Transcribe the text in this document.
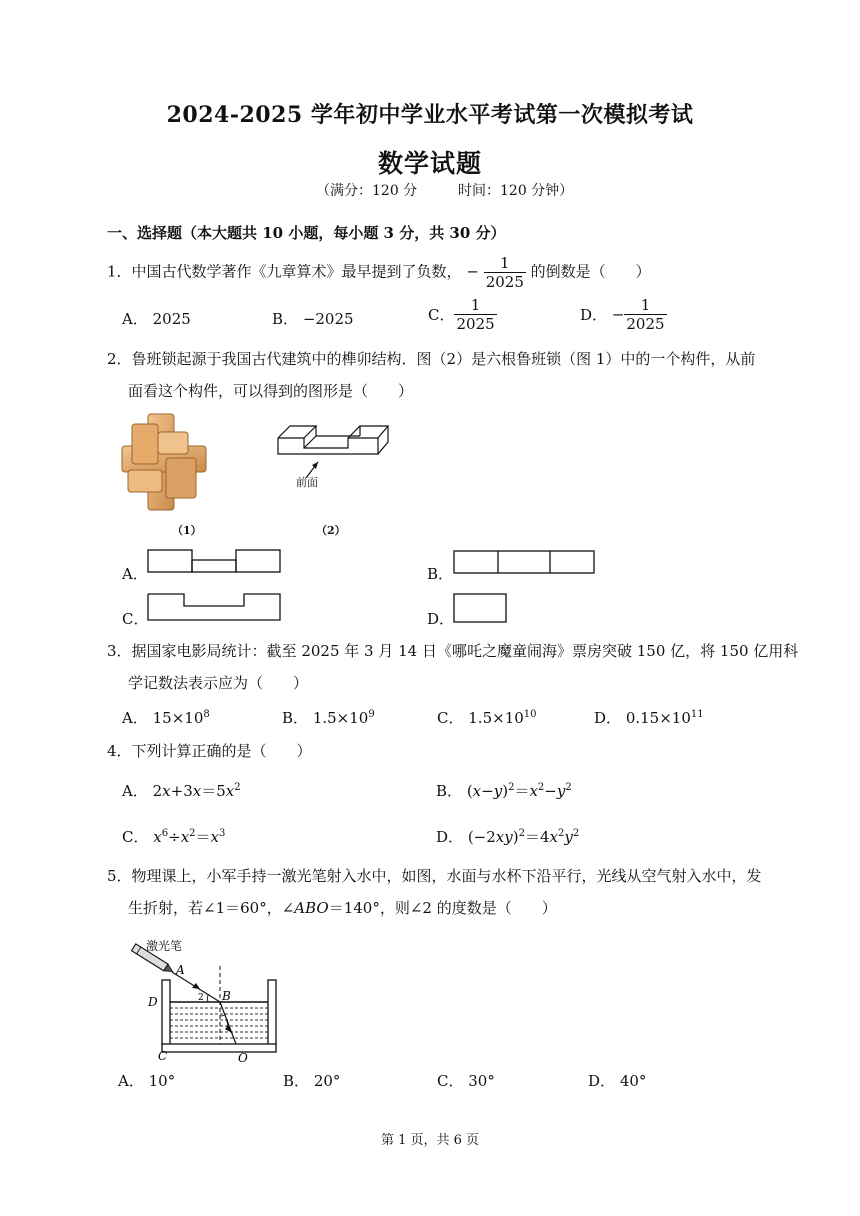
2024-2025 学年初中学业水平考试第一次模拟考试
数学试题
（满分：120 分	时间：120 分钟）
一、选择题（本大题共 10 小题，每小题 3 分，共 30 分）
1．中国古代数学著作《九章算术》最早提到了负数， − $\frac{1}{2025}$ 的倒数是（　　）
A． 2025	B． −2025	C． $\frac{1}{2025}$	D． − $\frac{1}{2025}$
2．鲁班锁起源于我国古代建筑中的榫卯结构．图（2）是六根鲁班锁（图 1）中的一个构件，从前
面看这个构件，可以得到的图形是（　　）
（1）
前面
（2）
A．	B．
C．	D．
3．据国家电影局统计：截至 2025 年 3 月 14 日《哪吒之魔童闹海》票房突破 150 亿，将 150 亿用科
学记数法表示应为（　　）
A． $15\times 10^8$	B． $1.5\times 10^9$	C． $1.5\times 10^{10}$	D． $0.15\times 10^{11}$
4．下列计算正确的是（　　）
A． $2x+3x=5x^2$	B． $(x-y)^2=x^2-y^2$
C． $x^6\div x^2=x^3$	D． $(-2xy)^2=4x^2y^2$
5．物理课上，小军手持一激光笔射入水中，如图，水面与水杯下沿平行，光线从空气射入水中，发
生折射，若∠1＝60°，∠ABO＝140°，则∠2 的度数是（　　）
A
B
D
C	O
2
1
激光笔
A． 10°	B． 20°	C． 30°	D． 40°
第 1 页，共 6 页
